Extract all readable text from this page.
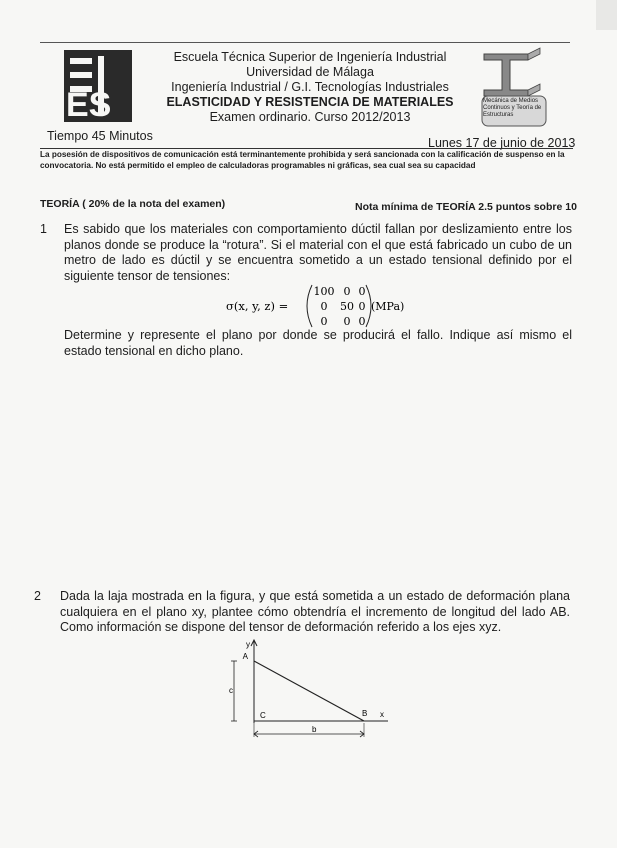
ES
Escuela Técnica Superior de Ingeniería Industrial
Universidad de Málaga
Ingeniería Industrial / G.I. Tecnologías Industriales
ELASTICIDAD Y RESISTENCIA DE MATERIALES
Examen ordinario. Curso 2012/2013
Mecánica de Medios Continuos y Teoría de Estructuras
Tiempo 45 Minutos	Lunes 17 de junio de 2013
La posesión de dispositivos de comunicación está terminantemente prohibida y será sancionada con la calificación de suspenso en la convocatoria. No está permitido el empleo de calculadoras programables ni gráficas, sea cual sea su capacidad
TEORÍA ( 20% de la nota del examen)	Nota mínima de TEORÍA 2.5 puntos sobre 10
1 Es sabido que los materiales con comportamiento dúctil fallan por deslizamiento entre los planos donde se produce la “rotura”. Si el material con el que está fabricado un cubo de un metro de lado es dúctil y se encuentra sometido a un estado tensional definido por el siguiente tensor de tensiones:
σ(x, y, z) =
100 0 0
0 50 0
0 0 0
(MPa)
Determine y represente el plano por donde se producirá el fallo. Indique así mismo el estado tensional en dicho plano.
2 Dada la laja mostrada en la figura, y que está sometida a un estado de deformación plana cualquiera en el plano xy, plantee cómo obtendría el incremento de longitud del lado AB. Como información se dispone del tensor de deformación referido a los ejes xyz.
y
A
c
C	B x
b
